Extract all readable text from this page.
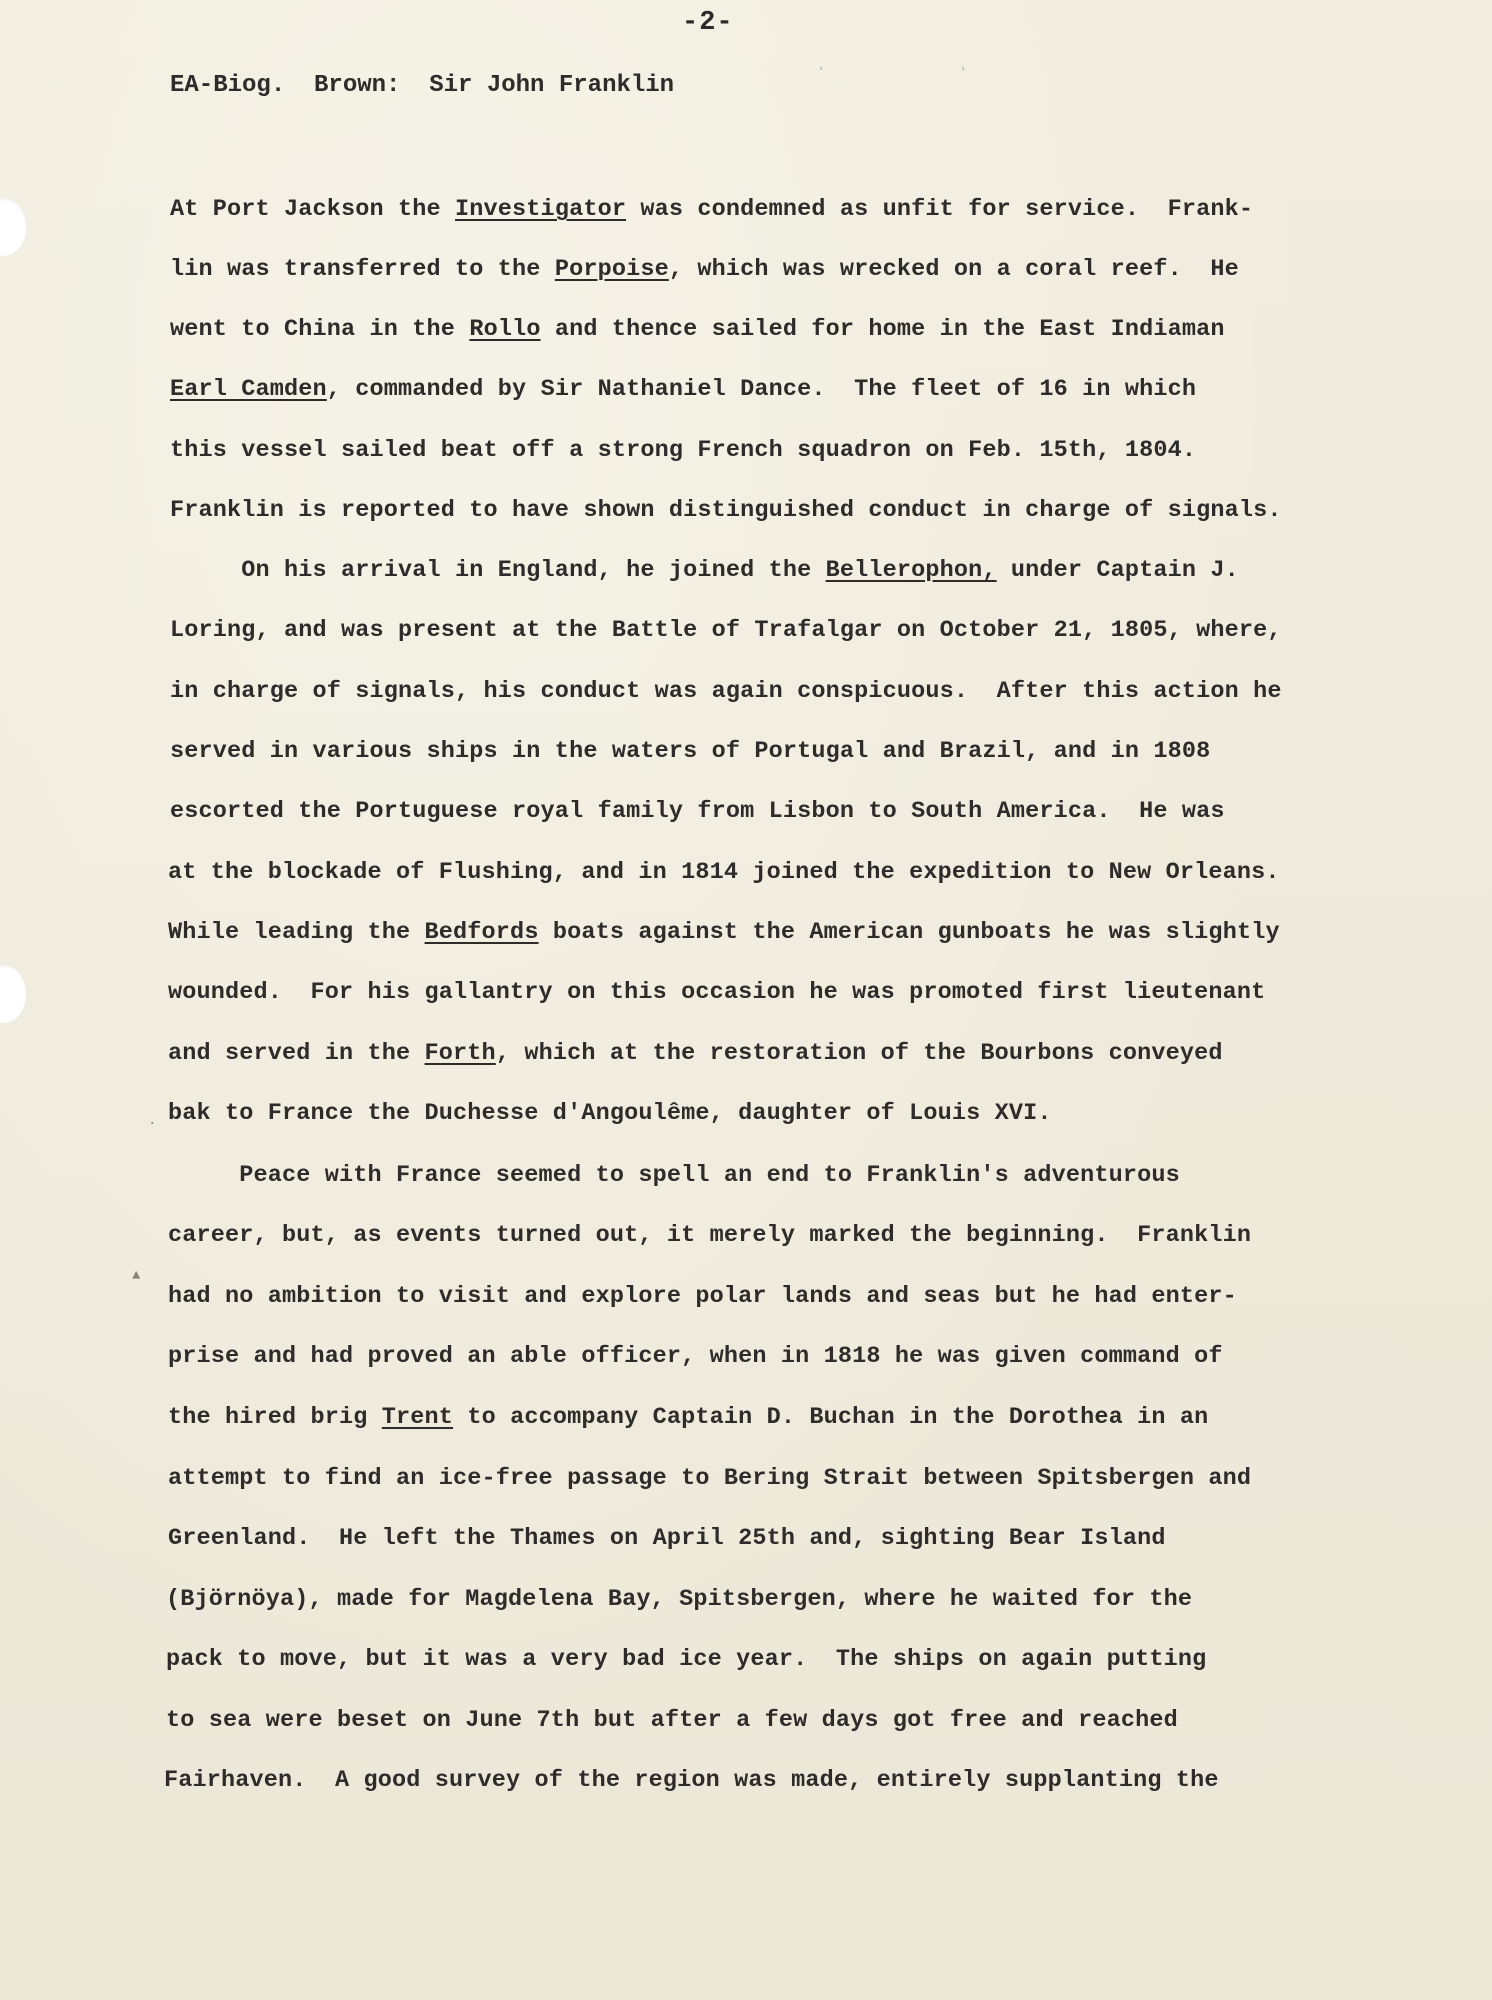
-2-
EA-Biog.  Brown:  Sir John Franklin	ʾ	ʾ
▲
·
At Port Jackson the Investigator was condemned as unfit for service.  Frank-
lin was transferred to the Porpoise, which was wrecked on a coral reef.  He
went to China in the Rollo and thence sailed for home in the East Indiaman
Earl Camden, commanded by Sir Nathaniel Dance.  The fleet of 16 in which
this vessel sailed beat off a strong French squadron on Feb. 15th, 1804.
Franklin is reported to have shown distinguished conduct in charge of signals.
On his arrival in England, he joined the Bellerophon, under Captain J.
Loring, and was present at the Battle of Trafalgar on October 21, 1805, where,
in charge of signals, his conduct was again conspicuous.  After this action he
served in various ships in the waters of Portugal and Brazil, and in 1808
escorted the Portuguese royal family from Lisbon to South America.  He was
at the blockade of Flushing, and in 1814 joined the expedition to New Orleans.
While leading the Bedfords boats against the American gunboats he was slightly
wounded.  For his gallantry on this occasion he was promoted first lieutenant
and served in the Forth, which at the restoration of the Bourbons conveyed
bak to France the Duchesse d'Angoulême, daughter of Louis XVI.
Peace with France seemed to spell an end to Franklin's adventurous
career, but, as events turned out, it merely marked the beginning.  Franklin
had no ambition to visit and explore polar lands and seas but he had enter-
prise and had proved an able officer, when in 1818 he was given command of
the hired brig Trent to accompany Captain D. Buchan in the Dorothea in an
attempt to find an ice-free passage to Bering Strait between Spitsbergen and
Greenland.  He left the Thames on April 25th and, sighting Bear Island
(Björnöya), made for Magdelena Bay, Spitsbergen, where he waited for the
pack to move, but it was a very bad ice year.  The ships on again putting
to sea were beset on June 7th but after a few days got free and reached
Fairhaven.  A good survey of the region was made, entirely supplanting the
